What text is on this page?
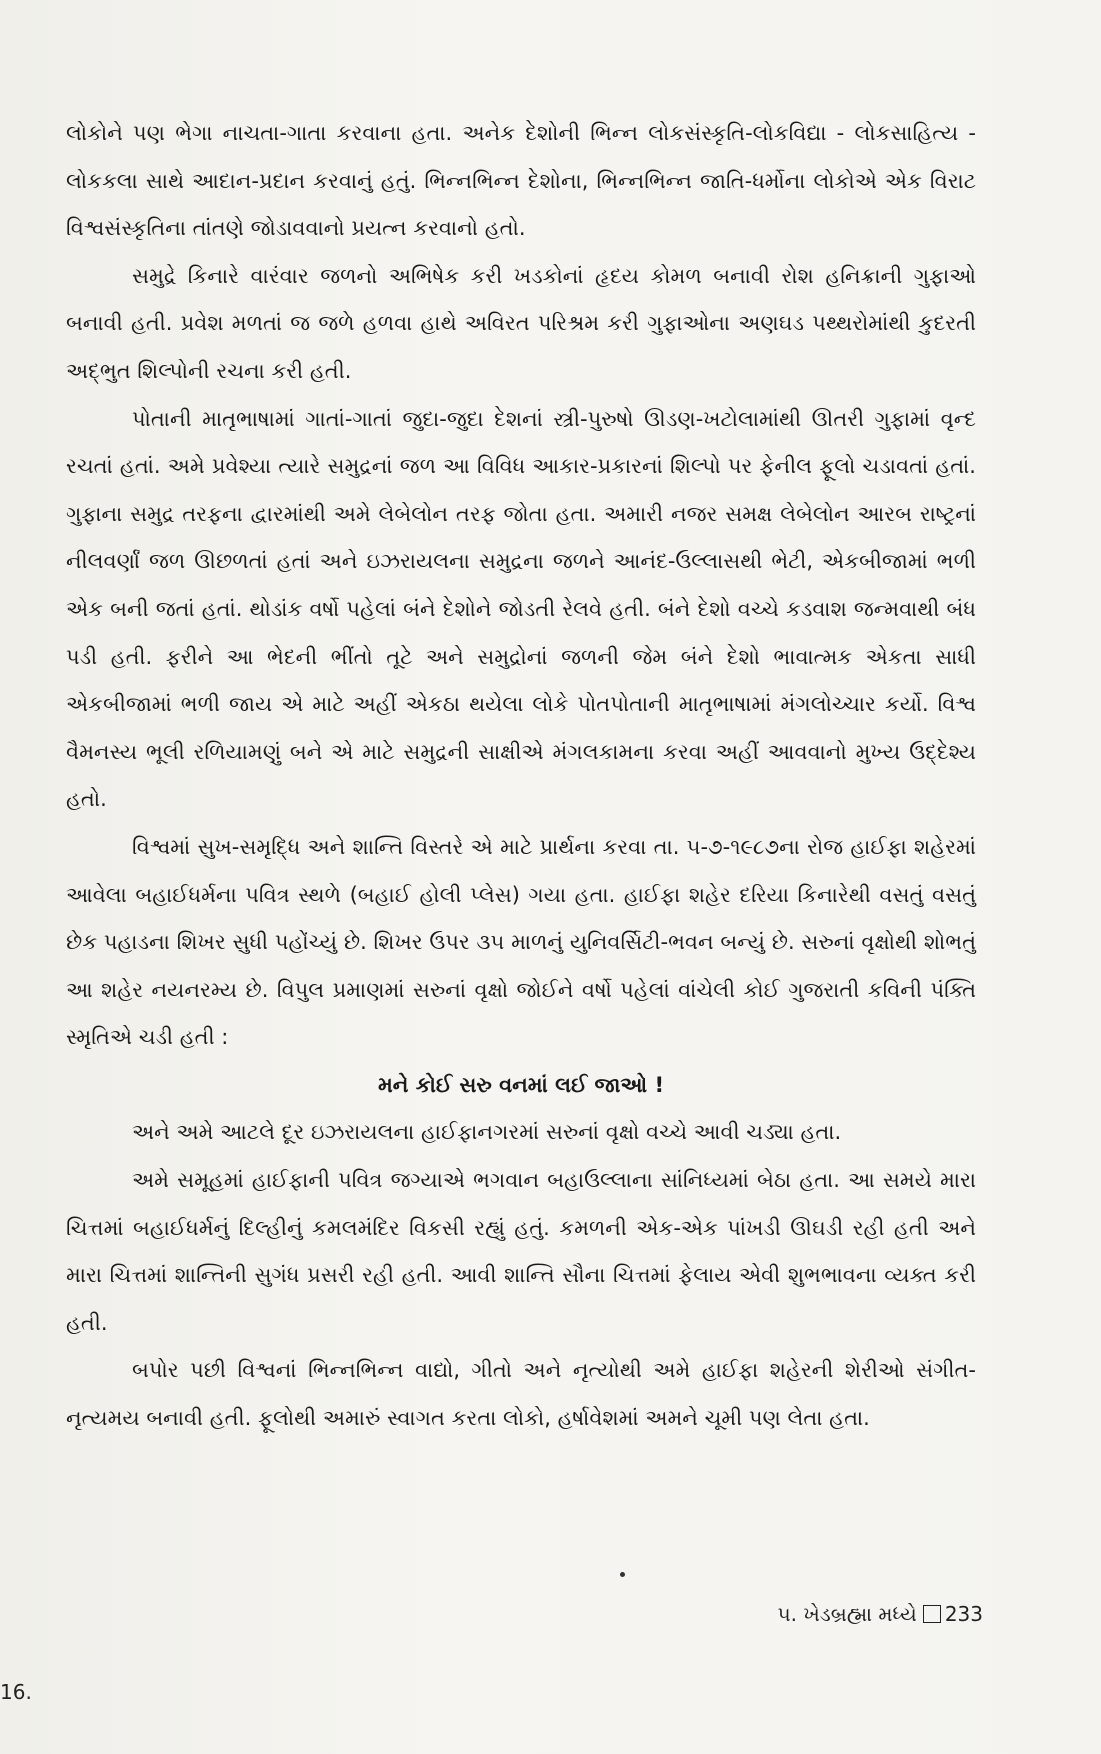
લોકોને પણ ભેગા નાચતા-ગાતા કરવાના હતા. અનેક દેશોની ભિન્ન લોકસંસ્કૃતિ-લોકવિદ્યા - લોકસાહિત્ય - લોકકલા સાથે આદાન-પ્રદાન કરવાનું હતું. ભિન્નભિન્ન દેશોના, ભિન્નભિન્ન જાતિ-ધર્મોના લોકોએ એક વિરાટ વિશ્વસંસ્કૃતિના તાંતણે જોડાવવાનો પ્રયત્ન કરવાનો હતો.

સમુદ્રે કિનારે વારંવાર જળનો અભિષેક કરી ખડકોનાં હૃદય કોમળ બનાવી રોશ હનિક્રાની ગુફાઓ બનાવી હતી. પ્રવેશ મળતાં જ જળે હળવા હાથે અવિરત પરિશ્રમ કરી ગુફાઓના અણઘડ પથ્થરોમાંથી કુદરતી અદ્ભુત શિલ્પોની રચના કરી હતી.

પોતાની માતૃભાષામાં ગાતાં-ગાતાં જુદા-જુદા દેશનાં સ્ત્રી-પુરુષો ઊડણ-ખટોલામાંથી ઊતરી ગુફામાં વૃન્દ રચતાં હતાં. અમે પ્રવેશ્યા ત્યારે સમુદ્રનાં જળ આ વિવિધ આકાર-પ્રકારનાં શિલ્પો પર ફેનીલ ફૂલો ચડાવતાં હતાં. ગુફાના સમુદ્ર તરફના દ્વારમાંથી અમે લેબેલોન તરફ જોતા હતા. અમારી નજર સમક્ષ લેબેલોન આરબ રાષ્ટ્રનાં નીલવર્ણાં જળ ઊછળતાં હતાં અને ઇઝરાયલના સમુદ્રના જળને આનંદ-ઉલ્લાસથી ભેટી, એકબીજામાં ભળી એક બની જતાં હતાં. થોડાંક વર્ષો પહેલાં બંને દેશોને જોડતી રેલવે હતી. બંને દેશો વચ્ચે કડવાશ જન્મવાથી બંધ પડી હતી. ફરીને આ ભેદની ભીંતો તૂટે અને સમુદ્રોનાં જળની જેમ બંને દેશો ભાવાત્મક એકતા સાધી એકબીજામાં ભળી જાય એ માટે અહીં એકઠા થયેલા લોકે પોતપોતાની માતૃભાષામાં મંગલોચ્ચાર કર્યો. વિશ્વ વૈમનસ્ય ભૂલી રળિયામણું બને એ માટે સમુદ્રની સાક્ષીએ મંગલકામના કરવા અહીં આવવાનો મુખ્ય ઉદ્દેશ્ય હતો.

વિશ્વમાં સુખ-સમૃદ્ધિ અને શાન્તિ વિસ્તરે એ માટે પ્રાર્થના કરવા તા. ૫-૭-૧૯૮૭ના રોજ હાઈફા શહેરમાં આવેલા બહાઈધર્મના પવિત્ર સ્થળે (બહાઈ હોલી પ્લેસ) ગયા હતા. હાઈફા શહેર દરિયા કિનારેથી વસતું વસતું છેક પહાડના શિખર સુધી પહોંચ્યું છે. શિખર ઉપર ૩૫ માળનું યુનિવર્સિટી-ભવન બન્યું છે. સરુનાં વૃક્ષોથી શોભતું આ શહેર નયનરમ્ય છે. વિપુલ પ્રમાણમાં સરુનાં વૃક્ષો જોઈને વર્ષો પહેલાં વાંચેલી કોઈ ગુજરાતી કવિની પંક્તિ સ્મૃતિએ ચડી હતી :

મને કોઈ સરુ વનમાં લઈ જાઓ !

અને અમે આટલે દૂર ઇઝરાયલના હાઈફાનગરમાં સરુનાં વૃક્ષો વચ્ચે આવી ચડ્યા હતા.

અમે સમૂહમાં હાઈફાની પવિત્ર જગ્યાએ ભગવાન બહાઉલ્લાના સાંનિધ્યમાં બેઠા હતા. આ સમયે મારા ચિત્તમાં બહાઈધર્મનું દિલ્હીનું કમલમંદિર વિકસી રહ્યું હતું. કમળની એક-એક પાંખડી ઊઘડી રહી હતી અને મારા ચિત્તમાં શાન્તિની સુગંધ પ્રસરી રહી હતી. આવી શાન્તિ સૌના ચિત્તમાં ફેલાય એવી શુભભાવના વ્યક્ત કરી હતી.

બપોર પછી વિશ્વનાં ભિન્નભિન્ન વાદ્યો, ગીતો અને નૃત્યોથી અમે હાઈફા શહેરની શેરીઓ સંગીત-નૃત્યમય બનાવી હતી. ફૂલોથી અમારું સ્વાગત કરતા લોકો, હર્ષાવેશમાં અમને ચૂમી પણ લેતા હતા.

૫. ખેડબ્રહ્મા મધ્યે 233
16.
